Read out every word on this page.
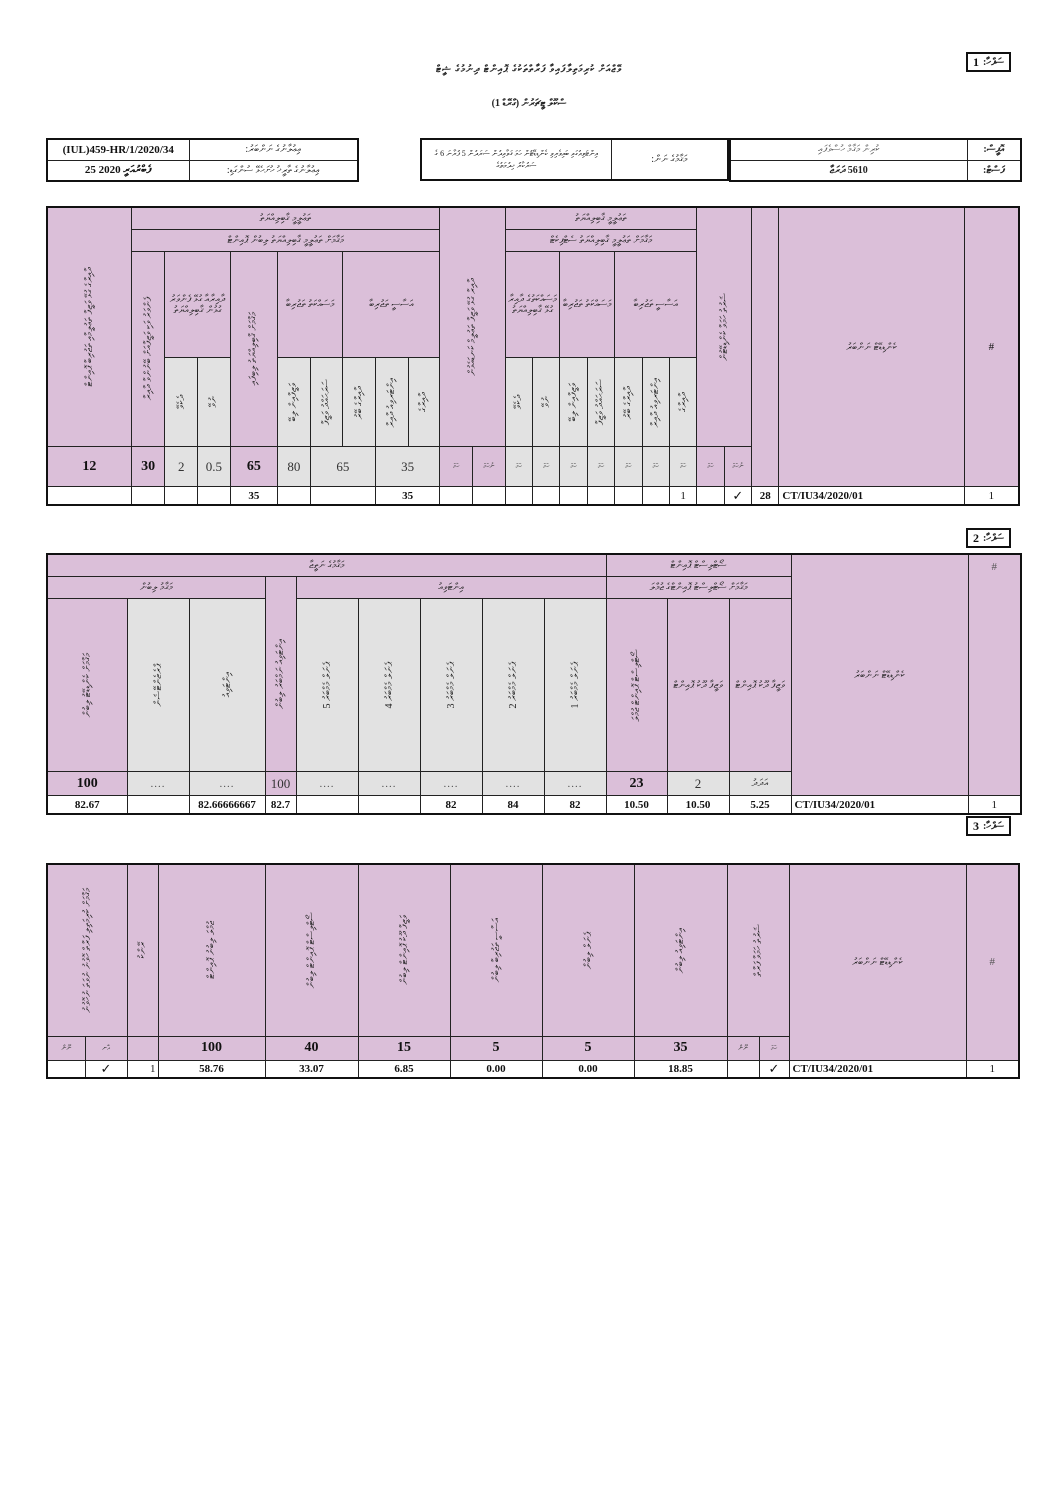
1 ސަފްހާ:
ވޭޖްއަށް ކުރިމަތިލާފައިވާ ފަރާތްތަކުގެ ޕޮއިންޓް ދިނުމުގެ ޝީޓް
ސްކޫލް ޓީޗަރުން (ގްރޭޑް 1)
(IUL)459-HR/1/2020/34	ޢިޢުލާނުގެ ނަންބަރު:
25 ފެބްރުއަރީ 2020	ޢިޢުލާނުގެ ތާރީޚު ހުށަހެޅޭ ސުންގަޑި:
އިންޓަވިއުގައި ބައިވެރިވި ކެންޑިޑޭޓުން ހަމަ ޤަވާއިދުން ސަރަދުން 5 ފުރާނަ 6 ގެ ސަރުކާރު ޚިދުމަތުގެ	މަޤާމުގެ ނަން:
ކުރިން މަޤާމް ހުސްވެފައި	އޮފީސް:
5610 ދަރަޖާ	ފަސްޓް:
ދާއިރާގެ ގުޅޭ ވަޒީފާ ތަޢުލީމާއި ތަޖުރިބާ ޕޮއިންޓް	ތަޢުލީމީ ޤާބިލިއްޔަތު									ދާއިރާ ގުޅޭ ވަޒީފާ ތަޢުލީމް ކަނޑައެޅުން		ތަޢުލީމީ ޤާބިލިއްޔަތު							ޝަރުތު ހަމަވާ ކެންޑިޑޭޓުން			ކެންޑިޑޭޓް ނަންބަރު	#
	މަޤާމަށް ތަޢުލީމީ ޤާބިލިއްޔަތު ލިބުން ޕޮއިންޓް											މަޤާމަށް ތަޢުލީމީ ޤާބިލިއްޔަތު ސެޓްފިކެޓް											

	ފެންވަރު ވަކި ވަޒީފާއަށް ބޭނުންވާ ދާއިރާ	ދާއިރާއާ ގުޅޭ ފެންވަރު ގުޅުން ޤާބިލިއްޔަތު		މަޤާމަށް ޤާބިލިއްޔަތު ލިބިފައި	މަސައްކަތު ތަޖުރިބާ		އަސާސީ ތަޖުރިބާ					މަސައްކަތުގެ ދާއިރާ ގުޅޭ ޤާބިލިއްޔަތު		މަސައްކަތު ތަޖުރިބާ		އަސާސީ ތަޖުރިބާ							

		ދެކެވޭ	ނުވޭ		ވަޒީފާއިން ލިބޭ	ސަރަޙައްދު ވަޒީފާ	ދާއިރާގެ ބޭރު	އިންޓަރވިއު ދާއިރާ	ދާއިރާގެ			ދެކެވޭ	ނުވޭ	ވަޒީފާއިން ލިބޭ	ސަރަޙައްދު ވަޒީފާ	ދާއިރާގެ ބޭރު	އިންޓަރވިއު ދާއިރާ	ދާއިރާގެ					

12	30	2	0.5	65	80	65		35		ހަމަ	ނުހަމަ	ހަމަ	ހަމަ	ހަމަ	ހަމަ	ހަމަ	ހަމަ	ހަމަ	ހަމަ	ނުހަމަ			
				35				35										1		✓	28	CT/IU34/2020/01	1
2 ސަފްހާ:
މަޤާމުގެ ނަތީޖާ									ޝޯޓްލިސްޓް ޕޮއިންޓް			ކެންޑިޑޭޓް ނަންބަރު	#
މަޤާމު ލިބުން			އިންޓަވިއު ނަމްބަރު ލިބުން	އިންޓަވިއު					މަޤާމަށް ޝޯޓްލިސްޓު ޕޮއިންޓްގެ ޖުމްލަ				

މަޤާމަށް ކެންޑިޑޭޓު ލިބުން	ޕްރެޒެންޓޭޝަން	އިންޓަވިއު		ޕެނަލް މެމްބަރު 5	ޕެނަލް މެމްބަރު 4	ޕެނަލް މެމްބަރު 3	ޕެނަލް މެމްބަރު 2	ޕެނަލް މެމްބަރު 1	ޝޯޓްލިސްޓް ޕޮއިންޓް ޖުމްލަ	ވަޒީފާ ދޫކު ޕޮއިންޓް	ވަޒީފާ ދޫކު ޕޮއިންޓް		
100	....	....	100	....	....	....	....	....	23	2	އަދަދު		
82.67		82.66666667	82.7			82	84	82	10.50	10.50	5.25	CT/IU34/2020/01	1
3 ސަފްހާ:
މަޤާމަށް ކުރިމަތިލި ފަރާތް ހޮވުނު ނުވަތަ ނުހޮވުނު		ރޭންކު	ޖުމްލަ ލިބުނު ޕޮއިންޓް	ޝޯޓްލިސްޓް ޕޮއިންޓް ލިބުން	ވަޒީފާ ދޫކު ޕޮއިންޓް ލިބުން	އަސާސީ ތަޖުރިބާ ލިބުން	ޕެނަލް ލިބުން	އިންޓަވިއު ލިބުން	ޝަރުތު ހަމަވާ ފަރާތް		ކެންޑިޑޭޓް ނަންބަރު	#
ނޫން	އާނ		100	40	15	5	5	35	ނޫން	ހަމަ		
	✓	1	58.76	33.07	6.85	0.00	0.00	18.85		✓	CT/IU34/2020/01	1
